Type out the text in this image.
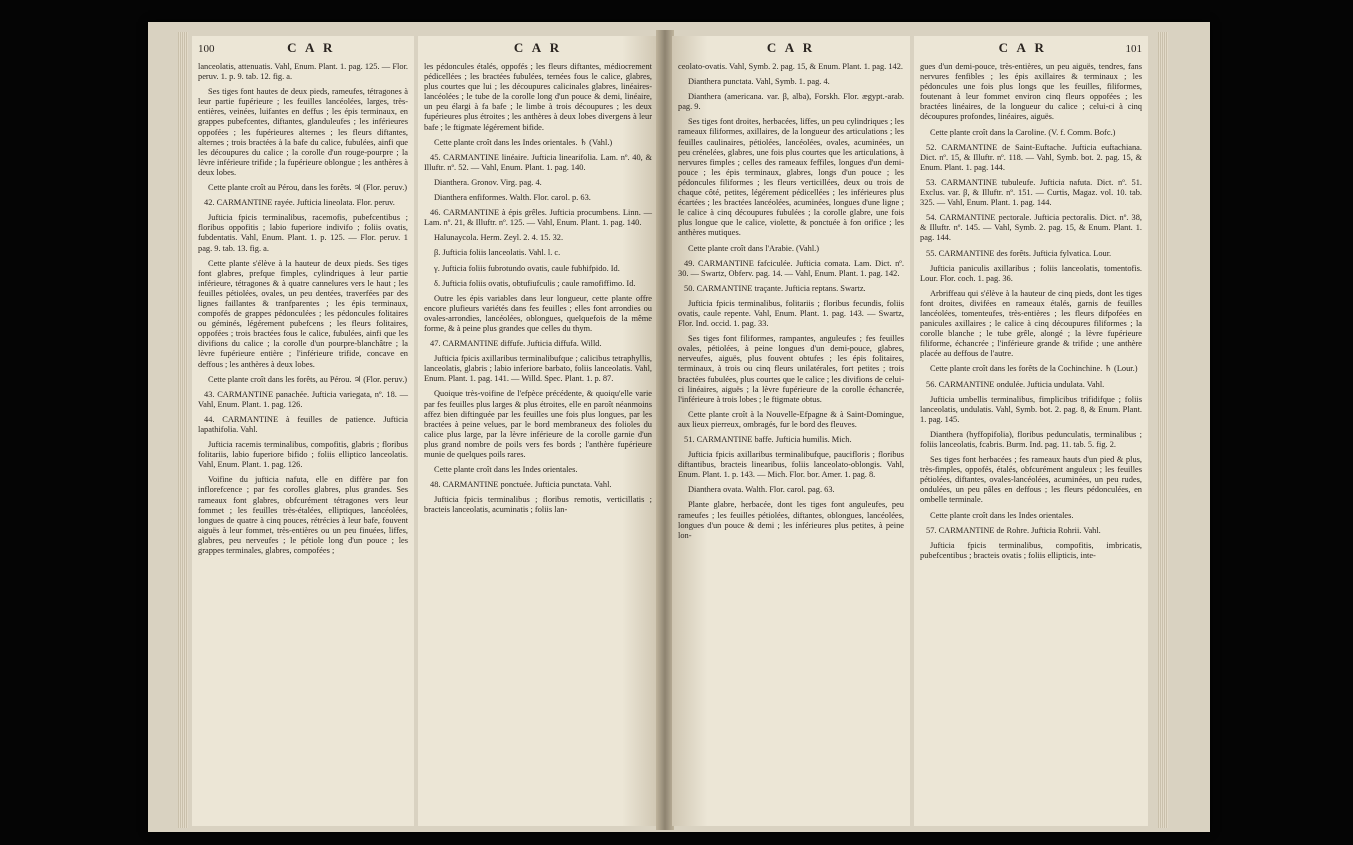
100	C A R

lanceolatis, attenuatis. Vahl, Enum. Plant. 1. pag. 125. — Flor. peruv. 1. p. 9. tab. 12. fig. a.

Ses tiges font hautes de deux pieds, rameufes, tétragones à leur partie fupérieure ; les feuilles lancéolées, larges, très-entières, veinées, luifantes en deffus ; les épis terminaux, en grappes pubefcentes, diftantes, glanduleufes ; les inférieures oppofées ; les fupérieures alternes ; les fleurs diftantes, alternes ; trois bractées à la bafe du calice, fubulées, ainfi que les découpures du calice ; la corolle d'un rouge-pourpre ; la lèvre inférieure trifide ; la fupérieure oblongue ; les anthères à deux lobes.

Cette plante croît au Pérou, dans les forêts. ♃ (Flor. peruv.)

42. CARMANTINE rayée. Jufticia lineolata. Flor. peruv.

Jufticia fpicis terminalibus, racemofis, pubefcentibus ; floribus oppofitis ; labio fuperiore indivifo ; foliis ovatis, fubdentatis. Vahl, Enum. Plant. 1. p. 125. — Flor. peruv. 1 pag. 9. tab. 13. fig. a.

Cette plante s'élève à la hauteur de deux pieds. Ses tiges font glabres, prefque fimples, cylindriques à leur partie inférieure, tétragones & à quatre cannelures vers le haut ; les feuilles pétiolées, ovales, un peu dentées, traverfées par des lignes faillantes & tranfparentes ; les épis terminaux, compofés de grappes pédonculées ; les pédoncules folitaires ou géminés, légérement pubefcens ; les fleurs folitaires, oppofées ; trois bractées fous le calice, fubulées, ainfi que les divifions du calice ; la corolle d'un pourpre-blanchâtre ; la lèvre fupérieure entière ; l'inférieure trifide, concave en deffous ; les anthères à deux lobes.

Cette plante croît dans les forêts, au Pérou. ♃ (Flor. peruv.)

43. CARMANTINE panachée. Jufticia variegata, nº. 18. — Vahl, Enum. Plant. 1. pag. 126.

44. CARMANTINE à feuilles de patience. Jufticia lapathifolia. Vahl.

Jufticia racemis terminalibus, compofitis, glabris ; floribus folitariis, labio fuperiore bifido ; foliis elliptico lanceolatis. Vahl, Enum. Plant. 1. pag. 126.

Voifine du jufticia nafuta, elle en diffère par fon inflorefcence ; par fes corolles glabres, plus grandes. Ses rameaux font glabres, obfcurément tétragones vers leur fommet ; les feuilles très-étalées, elliptiques, lancéolées, longues de quatre à cinq pouces, rétrécies à leur bafe, fouvent aiguës à leur fommet, très-entières ou un peu finuées, liffes, glabres, peu nerveufes ; le pétiole long d'un pouce ; les grappes terminales, glabres, compofées ;

C A R

les pédoncules étalés, oppofés ; les fleurs diftantes, médiocrement pédicellées ; les bractées fubulées, ternées fous le calice, glabres, plus courtes que lui ; les découpures calicinales glabres, linéaires-lancéolées ; le tube de la corolle long d'un pouce & demi, linéaire, un peu élargi à fa bafe ; le limbe à trois découpures ; les deux fupérieures plus étroites ; les anthères à deux lobes divergens à leur bafe ; le ftigmate légérement bifide.

Cette plante croît dans les Indes orientales. ♄ (Vahl.)

45. CARMANTINE linéaire. Jufticia linearifolia. Lam. nº. 40, & Illuftr. nº. 52. — Vahl, Enum. Plant. 1. pag. 140.

Dianthera. Gronov. Virg. pag. 4.

Dianthera enfiformes. Walth. Flor. carol. p. 63.

46. CARMANTINE à épis grêles. Jufticia procumbens. Linn. — Lam. nº. 21, & Illuftr. nº. 125. — Vahl, Enum. Plant. 1. pag. 140.

Halunaycola. Herm. Zeyl. 2. 4. 15. 32.

β. Jufticia foliis lanceolatis. Vahl. l. c.

γ. Jufticia foliis fubrotundo ovatis, caule fubhifpido. Id.

δ. Jufticia foliis ovatis, obtufiufculis ; caule ramofiffimo. Id.

Outre les épis variables dans leur longueur, cette plante offre encore plufieurs variétés dans fes feuilles ; elles font arrondies ou ovales-arrondies, lancéolées, oblongues, quelquefois de la même forme, & à peine plus grandes que celles du thym.

47. CARMANTINE diffufe. Jufticia diffufa. Willd.

Jufticia fpicis axillaribus terminalibufque ; calicibus tetraphyllis, lanceolatis, glabris ; labio inferiore barbato, foliis lanceolatis. Vahl, Enum. Plant. 1. pag. 141. — Willd. Spec. Plant. 1. p. 87.

Quoique très-voifine de l'efpèce précédente, & quoiqu'elle varie par fes feuilles plus larges & plus étroites, elle en paroît néanmoins affez bien diftinguée par les feuilles une fois plus longues, par les bractées à peine velues, par le bord membraneux des folioles du calice plus large, par la lèvre inférieure de la corolle garnie d'un plus grand nombre de poils vers fes bords ; l'anthère fupérieure munie de quelques poils rares.

Cette plante croît dans les Indes orientales.

48. CARMANTINE ponctuée. Jufticia punctata. Vahl.

Jufticia fpicis terminalibus ; floribus remotis, verticillatis ; bracteis lanceolatis, acuminatis ; foliis lan-

C A R

ceolato-ovatis. Vahl, Symb. 2. pag. 15, & Enum. Plant. 1. pag. 142.

Dianthera punctata. Vahl, Symb. 1. pag. 4.

Dianthera (americana. var. β, alba), Forskh. Flor. ægypt.-arab. pag. 9.

Ses tiges font droites, herbacées, liffes, un peu cylindriques ; les rameaux filiformes, axillaires, de la longueur des articulations ; les feuilles caulinaires, pétiolées, lancéolées, ovales, acuminées, un peu crénelées, glabres, une fois plus courtes que les articulations, à nervures fimples ; celles des rameaux feffiles, longues d'un demi-pouce ; les épis terminaux, glabres, longs d'un pouce ; les pédoncules filiformes ; les fleurs verticillées, deux ou trois de chaque côté, petites, légérement pédicellées ; les inférieures plus écartées ; les bractées lancéolées, acuminées, longues d'une ligne ; le calice à cinq découpures fubulées ; la corolle glabre, une fois plus longue que le calice, violette, & ponctuée à fon orifice ; les anthères mutiques.

Cette plante croît dans l'Arabie. (Vahl.)

49. CARMANTINE fafciculée. Jufticia comata. Lam. Dict. nº. 30. — Swartz, Obferv. pag. 14. — Vahl, Enum. Plant. 1. pag. 142.

50. CARMANTINE traçante. Jufticia reptans. Swartz.

Jufticia fpicis terminalibus, folitariis ; floribus fecundis, foliis ovatis, caule repente. Vahl, Enum. Plant. 1. pag. 143. — Swartz, Flor. Ind. occid. 1. pag. 33.

Ses tiges font filiformes, rampantes, anguleufes ; fes feuilles ovales, pétiolées, à peine longues d'un demi-pouce, glabres, nerveufes, aiguës, plus fouvent obtufes ; les épis folitaires, terminaux, à trois ou cinq fleurs unilatérales, fort petites ; trois bractées fubulées, plus courtes que le calice ; les divifions de celui-ci linéaires, aiguës ; la lèvre fupérieure de la corolle échancrée, l'inférieure à trois lobes ; le ftigmate obtus.

Cette plante croît à la Nouvelle-Efpagne & à Saint-Domingue, aux lieux pierreux, ombragés, fur le bord des fleuves.

51. CARMANTINE baffe. Jufticia humilis. Mich.

Jufticia fpicis axillaribus terminalibufque, paucifloris ; floribus diftantibus, bracteis linearibus, foliis lanceolato-oblongis. Vahl, Enum. Plant. 1. p. 143. — Mich. Flor. bor. Amer. 1. pag. 8.

Dianthera ovata. Walth. Flor. carol. pag. 63.

Plante glabre, herbacée, dont les tiges font anguleufes, peu rameufes ; les feuilles pétiolées, diftantes, oblongues, lancéolées, longues d'un pouce & demi ; les inférieures plus petites, à peine lon-

C A R	101

gues d'un demi-pouce, très-entières, un peu aiguës, tendres, fans nervures fenfibles ; les épis axillaires & terminaux ; les pédoncules une fois plus longs que les feuilles, filiformes, foutenant à leur fommet environ cinq fleurs oppofées ; les bractées linéaires, de la longueur du calice ; celui-ci à cinq découpures profondes, linéaires, aiguës.

Cette plante croît dans la Caroline. (V. f. Comm. Bofc.)

52. CARMANTINE de Saint-Euftache. Jufticia euftachiana. Dict. nº. 15, & Illuftr. nº. 118. — Vahl, Symb. bot. 2. pag. 15, & Enum. Plant. 1. pag. 144.

53. CARMANTINE tubuleufe. Jufticia nafuta. Dict. nº. 51. Exclus. var. β, & Illuftr. nº. 151. — Curtis, Magaz. vol. 10. tab. 325. — Vahl, Enum. Plant. 1. pag. 144.

54. CARMANTINE pectorale. Jufticia pectoralis. Dict. nº. 38, & Illuftr. nº. 145. — Vahl, Symb. 2. pag. 15, & Enum. Plant. 1. pag. 144.

55. CARMANTINE des forêts. Jufticia fylvatica. Lour.

Jufticia paniculis axillaribus ; foliis lanceolatis, tomentofis. Lour. Flor. coch. 1. pag. 36.

Arbriffeau qui s'élève à la hauteur de cinq pieds, dont les tiges font droites, divifées en rameaux étalés, garnis de feuilles lancéolées, tomenteufes, très-entières ; les fleurs difpofées en panicules axillaires ; le calice à cinq découpures filiformes ; la corolle blanche ; le tube grêle, alongé ; la lèvre fupérieure filiforme, échancrée ; l'inférieure grande & trifide ; une anthère placée au deffous de l'autre.

Cette plante croît dans les forêts de la Cochinchine. ♄ (Lour.)

56. CARMANTINE ondulée. Jufticia undulata. Vahl.

Jufticia umbellis terminalibus, fimplicibus trifidifque ; foliis lanceolatis, undulatis. Vahl, Symb. bot. 2. pag. 8, & Enum. Plant. 1. pag. 145.

Dianthera (hyffopifolia), floribus pedunculatis, terminalibus ; foliis lanceolatis, fcabris. Burm. Ind. pag. 11. tab. 5. fig. 2.

Ses tiges font herbacées ; fes rameaux hauts d'un pied & plus, très-fimples, oppofés, étalés, obfcurément anguleux ; les feuilles pétiolées, diftantes, ovales-lancéolées, acuminées, un peu rudes, ondulées, un peu pâles en deffous ; les fleurs pédonculées, en ombelle terminale.

Cette plante croît dans les Indes orientales.

57. CARMANTINE de Rohre. Jufticia Rohrii. Vahl.

Jufticia fpicis terminalibus, compofitis, imbricatis, pubefcentibus ; bracteis ovatis ; foliis ellipticis, inte-
